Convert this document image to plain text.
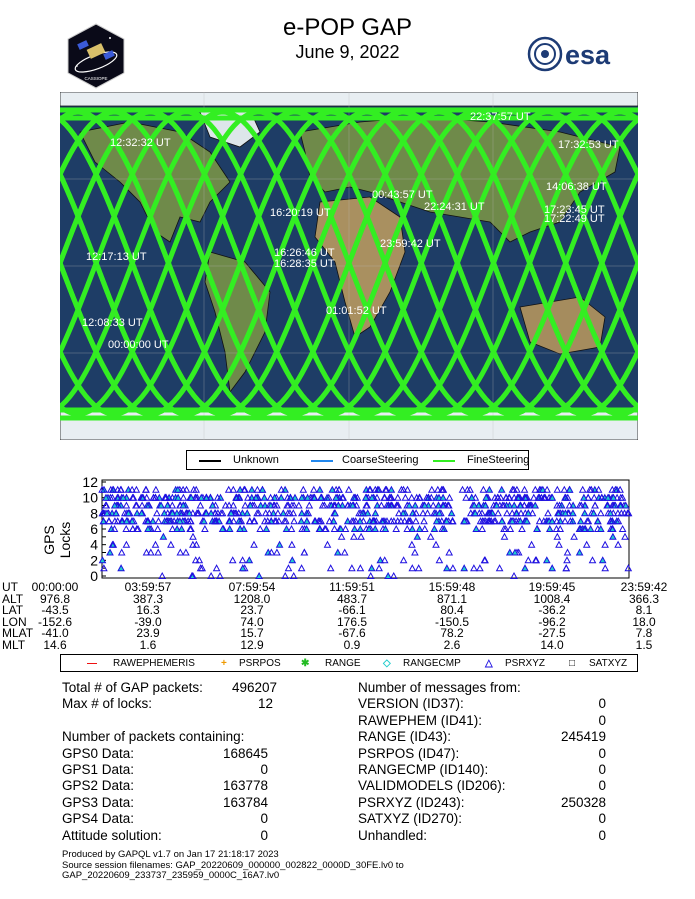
e-POP GAP
June 9, 2022
CASSIOPE
esa
22:37:57 UT
12:32:32 UT	17:32:53 UT
14:06:38 UT
00:43:57 UT
22:24:31 UT
16:20:19 UT	17:23:45 UT
17:22:49 UT
23:59:42 UT
16:26:46 UT
16:28:35 UT
12:17:13 UT
01:01:52 UT
12:08:33 UT
00:00:00 UT
Unknown	CoarseSteering	FineSteering
GPS Locks
0
2
4
6
8
10
12
UT 00:00:00	03:59:57	07:59:54	11:59:51	15:59:48	19:59:45	23:59:42
ALT 976.8	387.3	1208.0	483.7	871.1	1008.4	366.3
LAT -43.5	16.3	23.7	-66.1	80.4	-36.2	8.1
LON -152.6	-39.0	74.0	176.5	-150.5	-96.2	18.0
MLAT -41.0	23.9	15.7	-67.6	78.2	-27.5	7.8
MLT 14.6	1.6	12.9	0.9	2.6	14.0	1.5
— RAWEPHEMERIS	+ PSRPOS ✱ RANGE ◇ RANGECMP △ PSRXYZ □ SATXYZ
Total # of GAP packets: 496207
Max # of locks:	12
Number of packets containing:
GPS0 Data:	168645
GPS1 Data:	0
GPS2 Data:	163778
GPS3 Data:	163784
GPS4 Data:	0
Attitude solution:	0
Number of messages from:
VERSION (ID37):	0
RAWEPHEM (ID41):	0
RANGE (ID43):	245419
PSRPOS (ID47):	0
RANGECMP (ID140):	0
VALIDMODELS (ID206):	0
PSRXYZ (ID243):	250328
SATXYZ (ID270):	0
Unhandled:	0
Produced by GAPQL v1.7 on Jan 17 21:18:17 2023
Source session filenames: GAP_20220609_000000_002822_0000D_30FE.lv0 to
GAP_20220609_233737_235959_0000C_16A7.lv0
